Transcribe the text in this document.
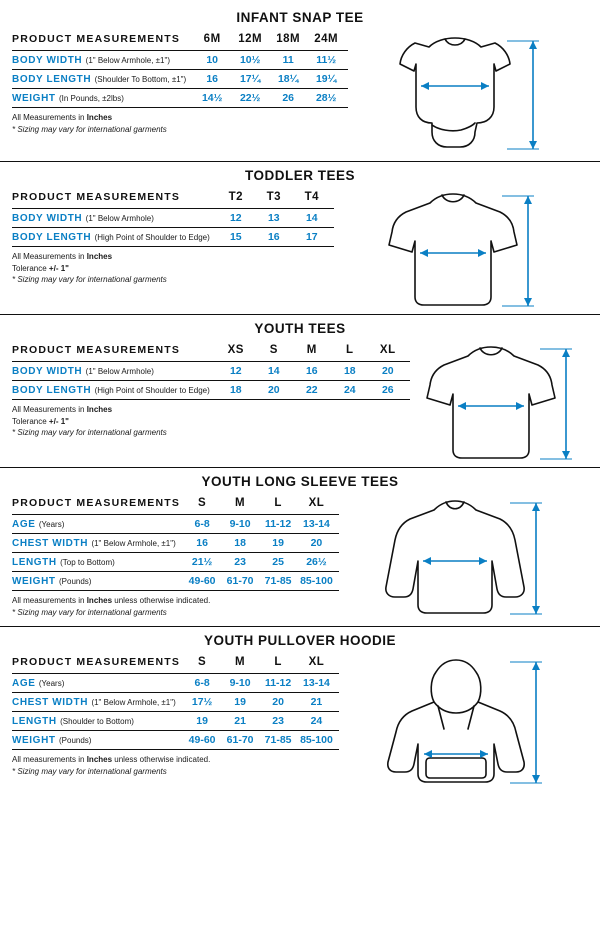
INFANT SNAP TEE
PRODUCT MEASUREMENTS	6M	12M	18M	24M
BODY WIDTH (1" Below Armhole, ±1")	10	10½	11	11½
BODY LENGTH (Shoulder To Bottom, ±1")	16	17¼	18¼	19¼
WEIGHT (In Pounds, ±2lbs)	14½	22½	26	28½
All Measurements in Inches
* Sizing may vary for international garments
TODDLER TEES
PRODUCT MEASUREMENTS	T2	T3	T4
BODY WIDTH (1" Below Armhole)	12	13	14
BODY LENGTH (High Point of Shoulder to Edge)	15	16	17
All Measurements in Inches
Tolerance +/- 1"
* Sizing may vary for international garments
YOUTH TEES
PRODUCT MEASUREMENTS	XS	S	M	L	XL
BODY WIDTH (1" Below Armhole)	12	14	16	18	20
BODY LENGTH (High Point of Shoulder to Edge)	18	20	22	24	26
All Measurements in Inches
Tolerance +/- 1"
* Sizing may vary for international garments
YOUTH LONG SLEEVE TEES
PRODUCT MEASUREMENTS	S	M	L	XL
AGE (Years)	6-8	9-10	11-12	13-14
CHEST WIDTH (1" Below Armhole, ±1")	16	18	19	20
LENGTH (Top to Bottom)	21½	23	25	26½
WEIGHT (Pounds)	49-60	61-70	71-85	85-100
All measurements in Inches unless otherwise indicated.
* Sizing may vary for international garments
YOUTH PULLOVER HOODIE
PRODUCT MEASUREMENTS	S	M	L	XL
AGE (Years)	6-8	9-10	11-12	13-14
CHEST WIDTH (1" Below Armhole, ±1")	17½	19	20	21
LENGTH (Shoulder to Bottom)	19	21	23	24
WEIGHT (Pounds)	49-60	61-70	71-85	85-100
All measurements in Inches unless otherwise indicated.
* Sizing may vary for international garments
